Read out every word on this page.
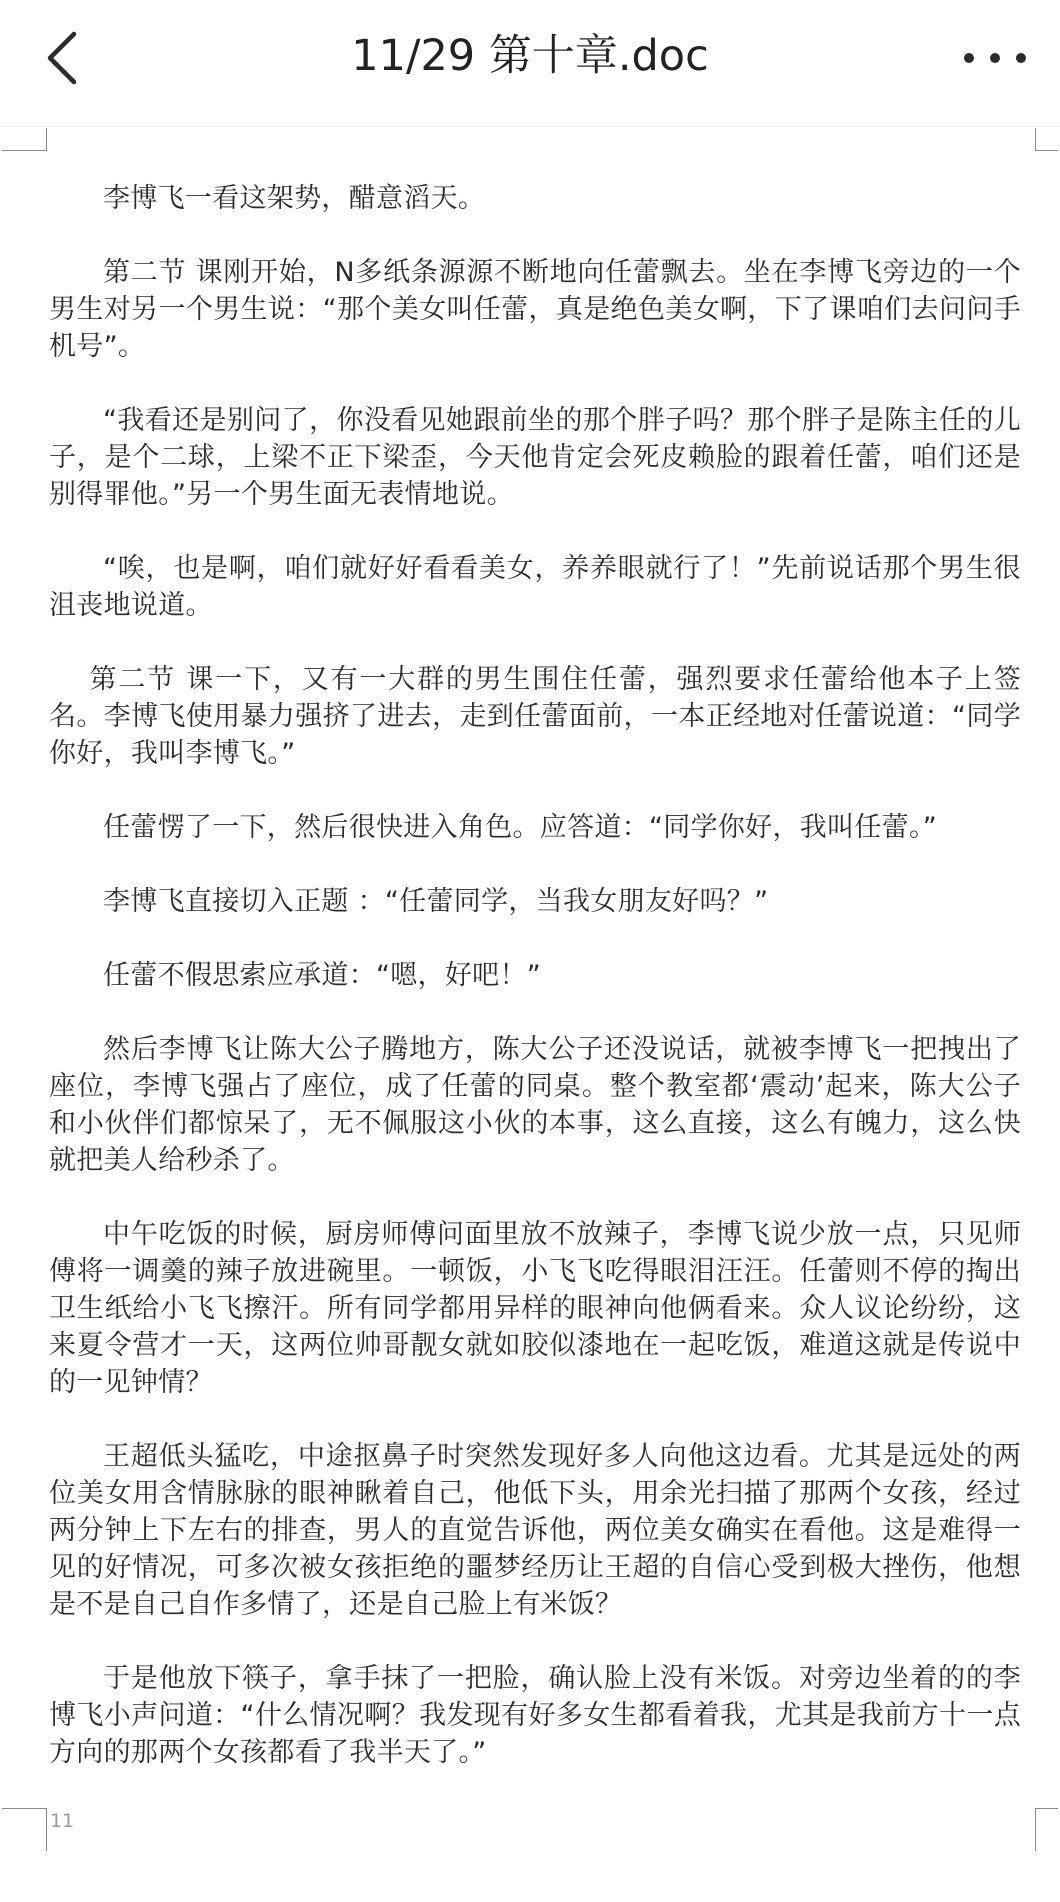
11/29 第十章.doc

李博飞一看这架势，醋意滔天。

第二节 课刚开始，N多纸条源源不断地向任蕾飘去。坐在李博飞旁边的一个男生对另一个男生说：“那个美女叫任蕾，真是绝色美女啊，下了课咱们去问问手机号”。

“我看还是别问了，你没看见她跟前坐的那个胖子吗？那个胖子是陈主任的儿子，是个二球，上梁不正下梁歪，今天他肯定会死皮赖脸的跟着任蕾，咱们还是别得罪他。”另一个男生面无表情地说。

“唉，也是啊，咱们就好好看看美女，养养眼就行了！”先前说话那个男生很沮丧地说道。

第二节 课一下，又有一大群的男生围住任蕾，强烈要求任蕾给他本子上签名。李博飞使用暴力强挤了进去，走到任蕾面前，一本正经地对任蕾说道：“同学你好，我叫李博飞。”

任蕾愣了一下，然后很快进入角色。应答道：“同学你好，我叫任蕾。”

李博飞直接切入正题 ：“任蕾同学，当我女朋友好吗？”

任蕾不假思索应承道：“嗯，好吧！”

然后李博飞让陈大公子腾地方，陈大公子还没说话，就被李博飞一把拽出了座位，李博飞强占了座位，成了任蕾的同桌。整个教室都‘震动’起来，陈大公子和小伙伴们都惊呆了，无不佩服这小伙的本事，这么直接，这么有魄力，这么快就把美人给秒杀了。

中午吃饭的时候，厨房师傅问面里放不放辣子，李博飞说少放一点，只见师傅将一调羹的辣子放进碗里。一顿饭，小飞飞吃得眼泪汪汪。任蕾则不停的掏出卫生纸给小飞飞擦汗。所有同学都用异样的眼神向他俩看来。众人议论纷纷，这来夏令营才一天，这两位帅哥靓女就如胶似漆地在一起吃饭，难道这就是传说中的一见钟情？

王超低头猛吃，中途抠鼻子时突然发现好多人向他这边看。尤其是远处的两位美女用含情脉脉的眼神瞅着自己，他低下头，用余光扫描了那两个女孩，经过两分钟上下左右的排查，男人的直觉告诉他，两位美女确实在看他。这是难得一见的好情况，可多次被女孩拒绝的噩梦经历让王超的自信心受到极大挫伤，他想是不是自己自作多情了，还是自己脸上有米饭？

于是他放下筷子，拿手抹了一把脸，确认脸上没有米饭。对旁边坐着的的李博飞小声问道：“什么情况啊？我发现有好多女生都看着我，尤其是我前方十一点方向的那两个女孩都看了我半天了。”

11
